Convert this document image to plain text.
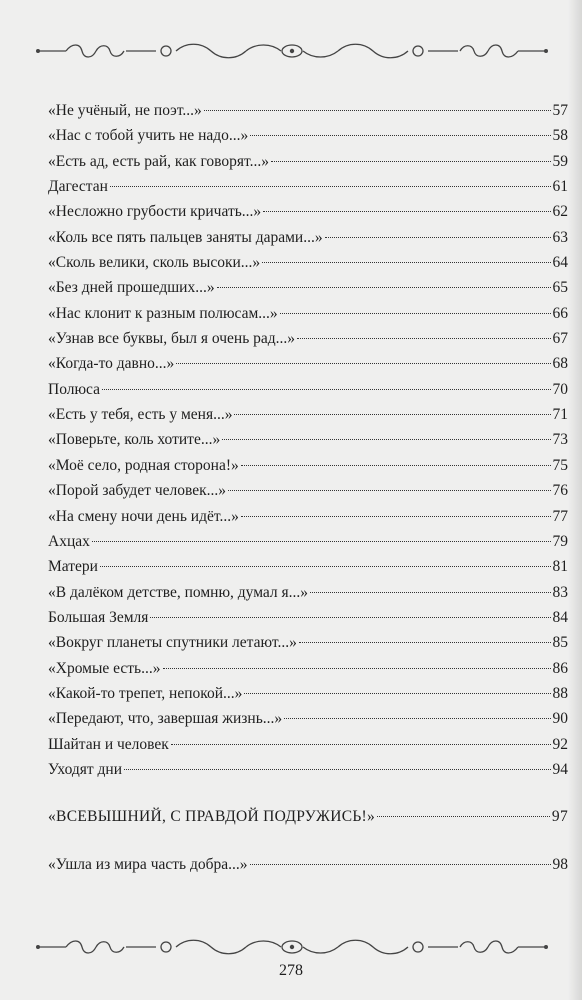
«Не учёный, не поэт...»	57
«Нас с тобой учить не надо...»	58
«Есть ад, есть рай, как говорят...»	59
Дагестан	61
«Несложно грубости кричать...»	62
«Коль все пять пальцев заняты дарами...»	63
«Сколь велики, сколь высоки...»	64
«Без дней прошедших...»	65
«Нас клонит к разным полюсам...»	66
«Узнав все буквы, был я очень рад...»	67
«Когда-то давно...»	68
Полюса	70
«Есть у тебя, есть у меня...»	71
«Поверьте, коль хотите...»	73
«Моё село, родная сторона!»	75
«Порой забудет человек...»	76
«На смену ночи день идёт...»	77
Ахцах	79
Матери	81
«В далёком детстве, помню, думал я...»	83
Большая Земля	84
«Вокруг планеты спутники летают...»	85
«Хромые есть...»	86
«Какой-то трепет, непокой...»	88
«Передают, что, завершая жизнь...»	90
Шайтан и человек	92
Уходят дни	94
«ВСЕВЫШНИЙ, С ПРАВДОЙ ПОДРУЖИСЬ!»	97
«Ушла из мира часть добра...»	98
278
